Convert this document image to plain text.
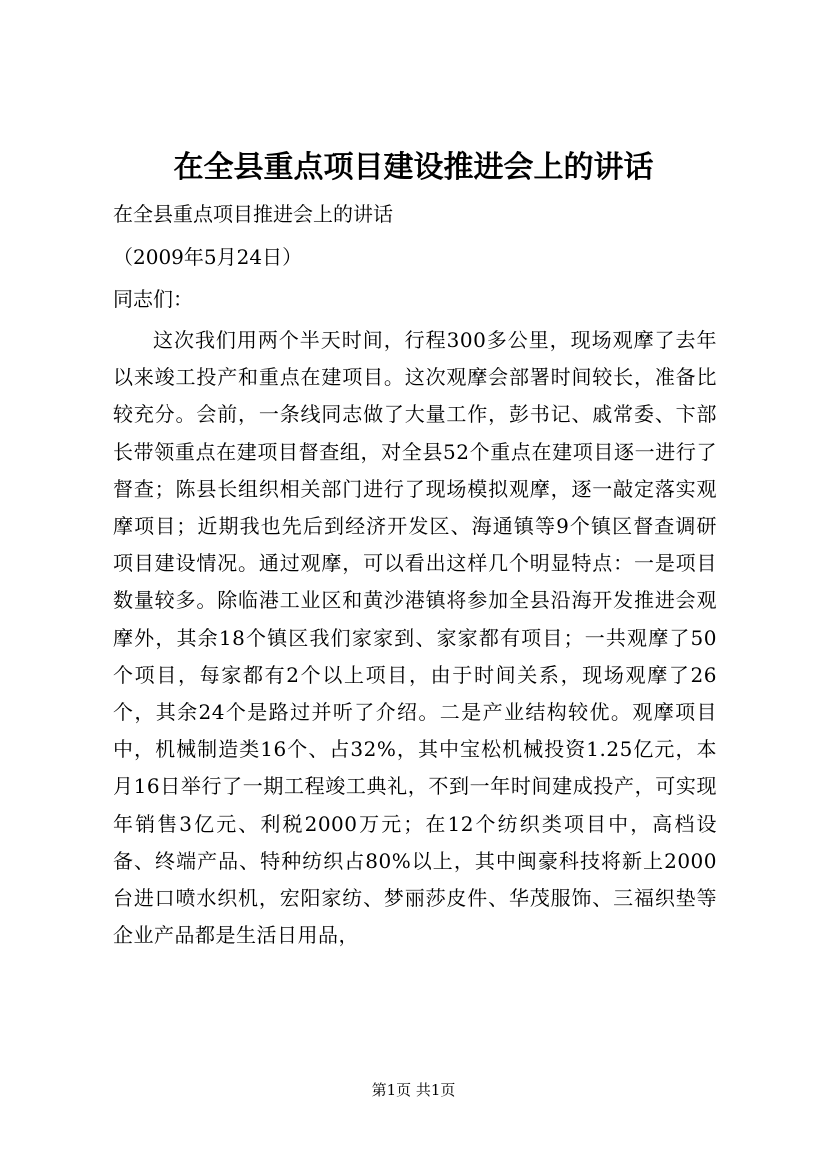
在全县重点项目建设推进会上的讲话
在全县重点项目推进会上的讲话
（2009年5月24日）
同志们：

这次我们用两个半天时间，行程300多公里，现场观摩了去年以来竣工投产和重点在建项目。这次观摩会部署时间较长，准备比较充分。会前，一条线同志做了大量工作，彭书记、戚常委、卞部长带领重点在建项目督查组，对全县52个重点在建项目逐一进行了督查；陈县长组织相关部门进行了现场模拟观摩，逐一敲定落实观摩项目；近期我也先后到经济开发区、海通镇等9个镇区督查调研项目建设情况。通过观摩，可以看出这样几个明显特点：一是项目数量较多。除临港工业区和黄沙港镇将参加全县沿海开发推进会观摩外，其余18个镇区我们家家到、家家都有项目；一共观摩了50个项目，每家都有2个以上项目，由于时间关系，现场观摩了26个，其余24个是路过并听了介绍。二是产业结构较优。观摩项目中，机械制造类16个、占32%，其中宝松机械投资1.25亿元，本月16日举行了一期工程竣工典礼，不到一年时间建成投产，可实现年销售3亿元、利税2000万元；在12个纺织类项目中，高档设备、终端产品、特种纺织占80%以上，其中闽豪科技将新上2000台进口喷水织机，宏阳家纺、梦丽莎皮件、华茂服饰、三福织垫等企业产品都是生活日用品，

第1页 共1页
